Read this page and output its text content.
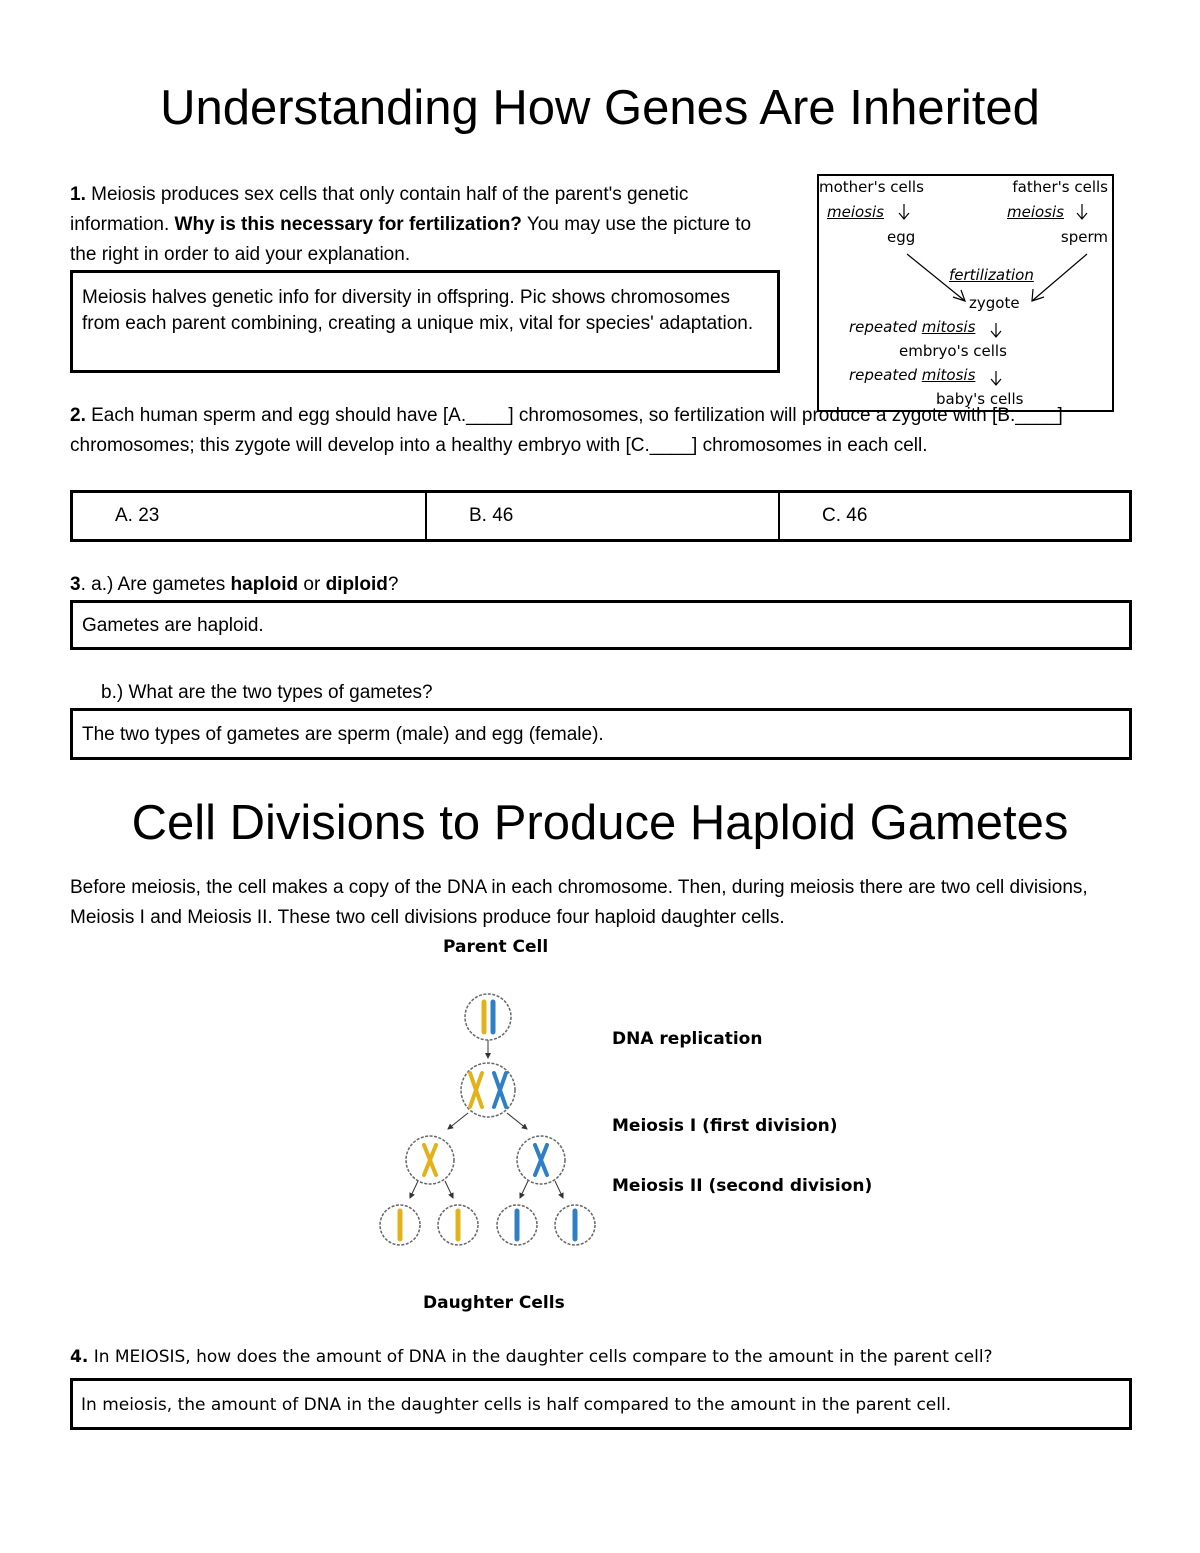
Understanding How Genes Are Inherited
1. Meiosis produces sex cells that only contain half of the parent's genetic information. Why is this necessary for fertilization? You may use the picture to the right in order to aid your explanation.
Meiosis halves genetic info for diversity in offspring. Pic shows chromosomes from each parent combining, creating a unique mix, vital for species' adaptation.
mother's cells	father's cells
meiosis	meiosis
egg	sperm
fertilization
zygote
repeated mitosis
embryo's cells
repeated mitosis
baby's cells
2. Each human sperm and egg should have [A.____] chromosomes, so fertilization will produce a zygote with [B.____] chromosomes; this zygote will develop into a healthy embryo with [C.____] chromosomes in each cell.
A. 23	B. 46	C. 46
3. a.) Are gametes haploid or diploid?
Gametes are haploid.
b.) What are the two types of gametes?
The two types of gametes are sperm (male) and egg (female).
Cell Divisions to Produce Haploid Gametes
Before meiosis, the cell makes a copy of the DNA in each chromosome. Then, during meiosis there are two cell divisions, Meiosis I and Meiosis II. These two cell divisions produce four haploid daughter cells.
Parent Cell
DNA replication
Meiosis I (first division)
Meiosis II (second division)
Daughter Cells
4. In MEIOSIS, how does the amount of DNA in the daughter cells compare to the amount in the parent cell?
In meiosis, the amount of DNA in the daughter cells is half compared to the amount in the parent cell.
